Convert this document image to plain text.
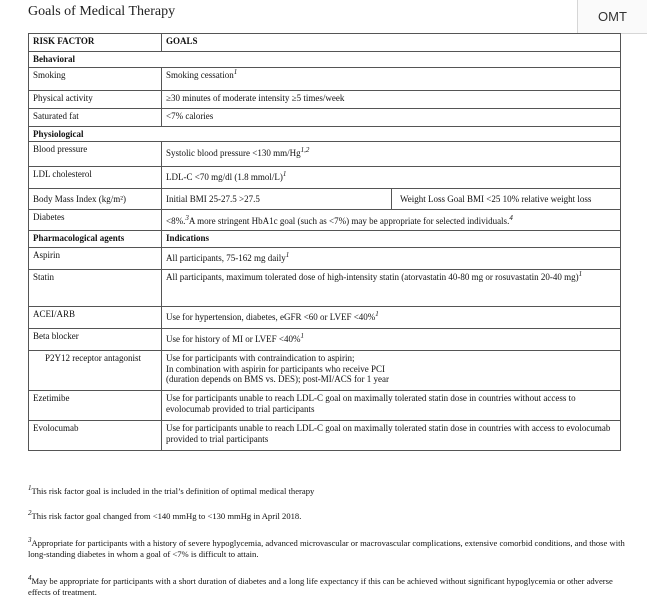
Goals of Medical Therapy	OMT
RISK FACTOR	GOALS	
Behavioral		
Smoking	Smoking cessation$^1$
Physical activity	≥30 minutes of moderate intensity ≥5 times/week	
Saturated fat	<7% calories	
Physiological		
Blood pressure	Systolic blood pressure <130 mm/Hg$^{1,2}$
LDL cholesterol	LDL-C <70 mg/dl (1.8 mmol/L)$^1$
Body Mass Index (kg/m²)	Initial BMI 25-27.5 >27.5	Weight Loss Goal BMI <25 10% relative weight loss
Diabetes	<8%.$^3$A more stringent HbA1c goal (such as <7%) may be appropriate for selected individuals.$^4$
Pharmacological agents	Indications	
Aspirin	All participants, 75-162 mg daily$^1$
Statin	All participants, maximum tolerated dose of high-intensity statin (atorvastatin 40-80 mg or rosuvastatin 20-40 mg)$^1$
ACEI/ARB	Use for hypertension, diabetes, eGFR <60 or LVEF <40%$^1$
Beta blocker	Use for history of MI or LVEF <40%$^1$
P2Y12 receptor antagonist	Use for participants with contraindication to aspirin;
In combination with aspirin for participants who receive PCI
(duration depends on BMS vs. DES); post-MI/ACS for 1 year	

Ezetimibe	Use for participants unable to reach LDL-C goal on maximally tolerated statin dose in countries without access to evolocumab provided to trial participants	
Evolocumab	Use for participants unable to reach LDL-C goal on maximally tolerated statin dose in countries with access to evolocumab provided to trial participants	
$^1$This risk factor goal is included in the trial’s definition of optimal medical therapy
$^2$This risk factor goal changed from <140 mmHg to <130 mmHg in April 2018.
$^3$Appropriate for participants with a history of severe hypoglycemia, advanced microvascular or macrovascular complications, extensive comorbid conditions, and those with long-standing diabetes in whom a goal of <7% is difficult to attain.
$^4$May be appropriate for participants with a short duration of diabetes and a long life expectancy if this can be achieved without significant hypoglycemia or other adverse effects of treatment.
